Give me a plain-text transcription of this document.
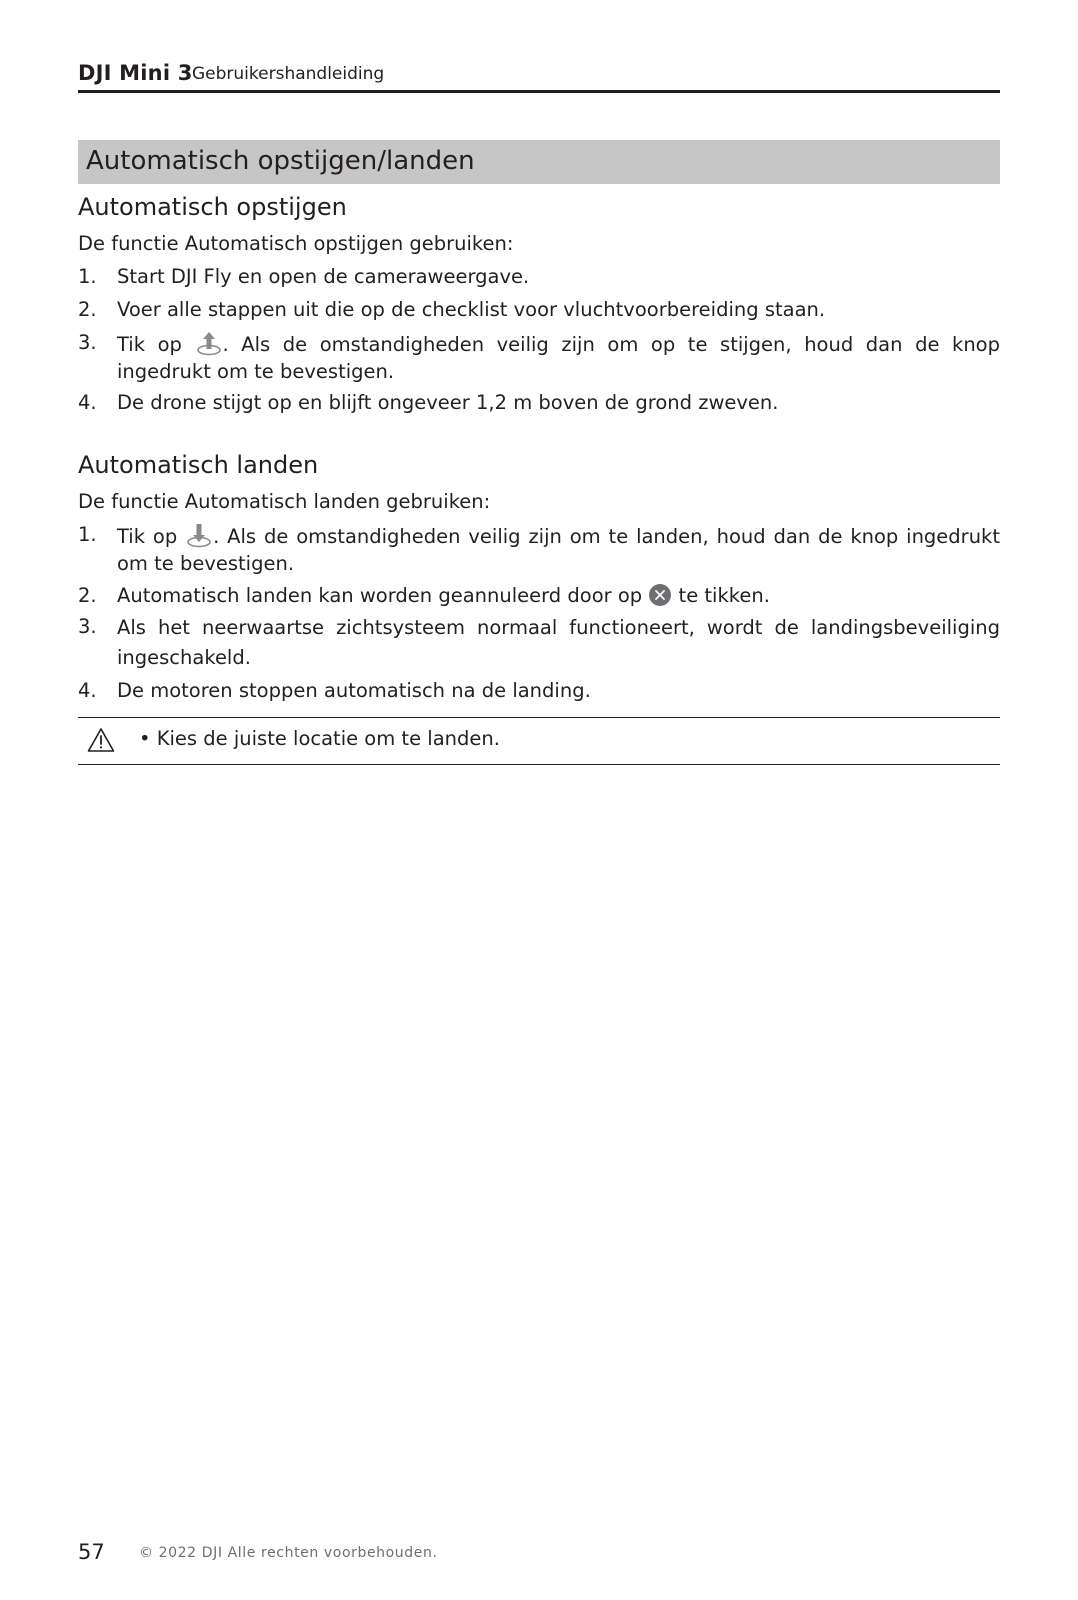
DJI Mini 3 Gebruikershandleiding
Automatisch opstijgen/landen
Automatisch opstijgen
De functie Automatisch opstijgen gebruiken:
1. Start DJI Fly en open de cameraweergave.
2. Voer alle stappen uit die op de checklist voor vluchtvoorbereiding staan.
3. Tik op . Als de omstandigheden veilig zijn om op te stijgen, houd dan de knop ingedrukt om te bevestigen.
4. De drone stijgt op en blijft ongeveer 1,2 m boven de grond zweven.
Automatisch landen
De functie Automatisch landen gebruiken:
1. Tik op . Als de omstandigheden veilig zijn om te landen, houd dan de knop ingedrukt om te bevestigen.
2. Automatisch landen kan worden geannuleerd door op  te tikken.
3. Als het neerwaartse zichtsysteem normaal functioneert, wordt de landingsbeveiliging ingeschakeld.
4. De motoren stoppen automatisch na de landing.
• Kies de juiste locatie om te landen.
57 © 2022 DJI Alle rechten voorbehouden.
